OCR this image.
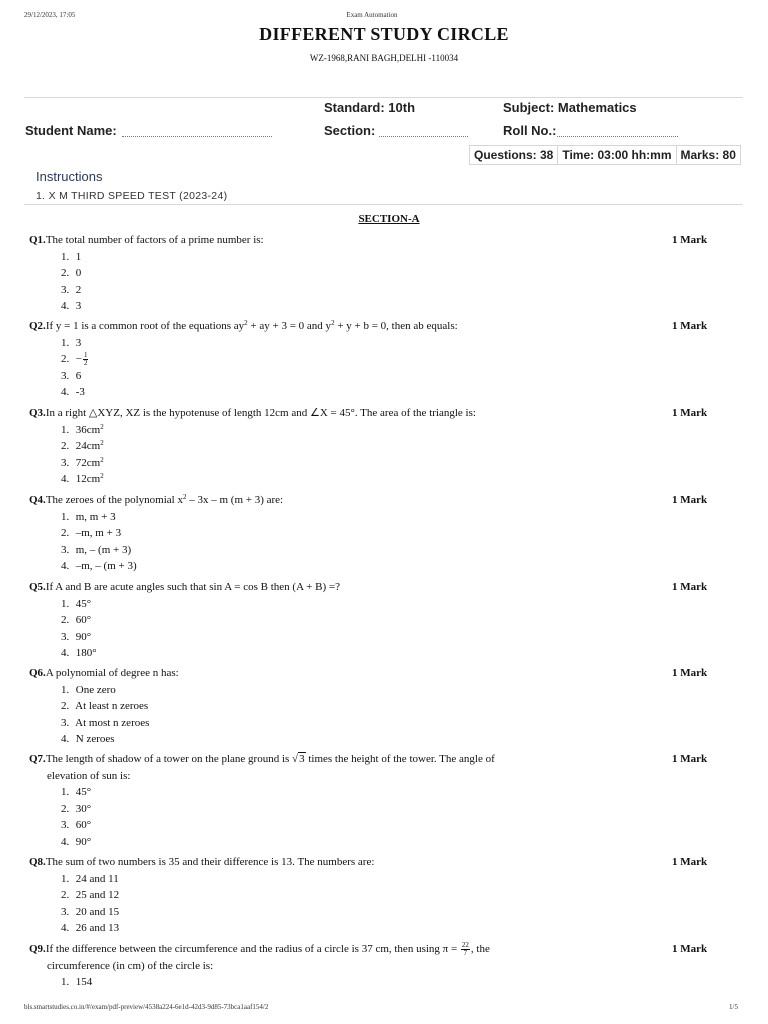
29/12/2023, 17:05	Exam Automation
DIFFERENT STUDY CIRCLE
WZ-1968,RANI BAGH,DELHI -110034
Standard: 10th	Subject: Mathematics
Student Name:	Section:	Roll No.:
Questions: 38 Time: 03:00 hh:mm Marks: 80
Instructions
1. X M THIRD SPEED TEST (2023-24)
SECTION-A
Q1.The total number of factors of a prime number is:	1 Mark
1. 1
2. 0
3. 2
4. 3
Q2.If y = 1 is a common root of the equations $ay^2$ + ay + 3 = 0 and $y^2 + y + b = 0$, then ab equals:	1 Mark
1. 3
2. − $\frac{1}{2}$
3. 6
4. -3
Q3.In a right △XYZ, XZ is the hypotenuse of length 12cm and ∠X = 45°. The area of the triangle is:	1 Mark
1. $36cm^2$
2. $24cm^2$
3. $72cm^2$
4. $12cm^2$
Q4.The zeroes of the polynomial $x^2 - 3x$ – m (m + 3) are:	1 Mark
1. m, m + 3
2. –m, m + 3
3. m, – (m + 3)
4. –m, – (m + 3)
Q5.If A and B are acute angles such that sin A = cos B then (A + B) =?	1 Mark
1. 45°
2. 60°
3. 90°
4. 180°
Q6.A polynomial of degree n has:	1 Mark
1. One zero
2. At least n zeroes
3. At most n zeroes
4. N zeroes
Q7.The length of shadow of a tower on the plane ground is √3 times the height of the tower. The angle of
elevation of sun is:
1 Mark
1. 45°
2. 30°
3. 60°
4. 90°
Q8.The sum of two numbers is 35 and their difference is 13. The numbers are:	1 Mark
1. 24 and 11
2. 25 and 12
3. 20 and 15
4. 26 and 13
Q9.If the difference between the circumference and the radius of a circle is 37 cm, then using $\pi = \frac{22}{7}$ , the
circumference (in cm) of the circle is:
1 Mark
1. 154
bls.smartstudies.co.in/#/exam/pdf-preview/4538a224-6e1d-42d3-9d85-73bca1aaf154/2	1/5
